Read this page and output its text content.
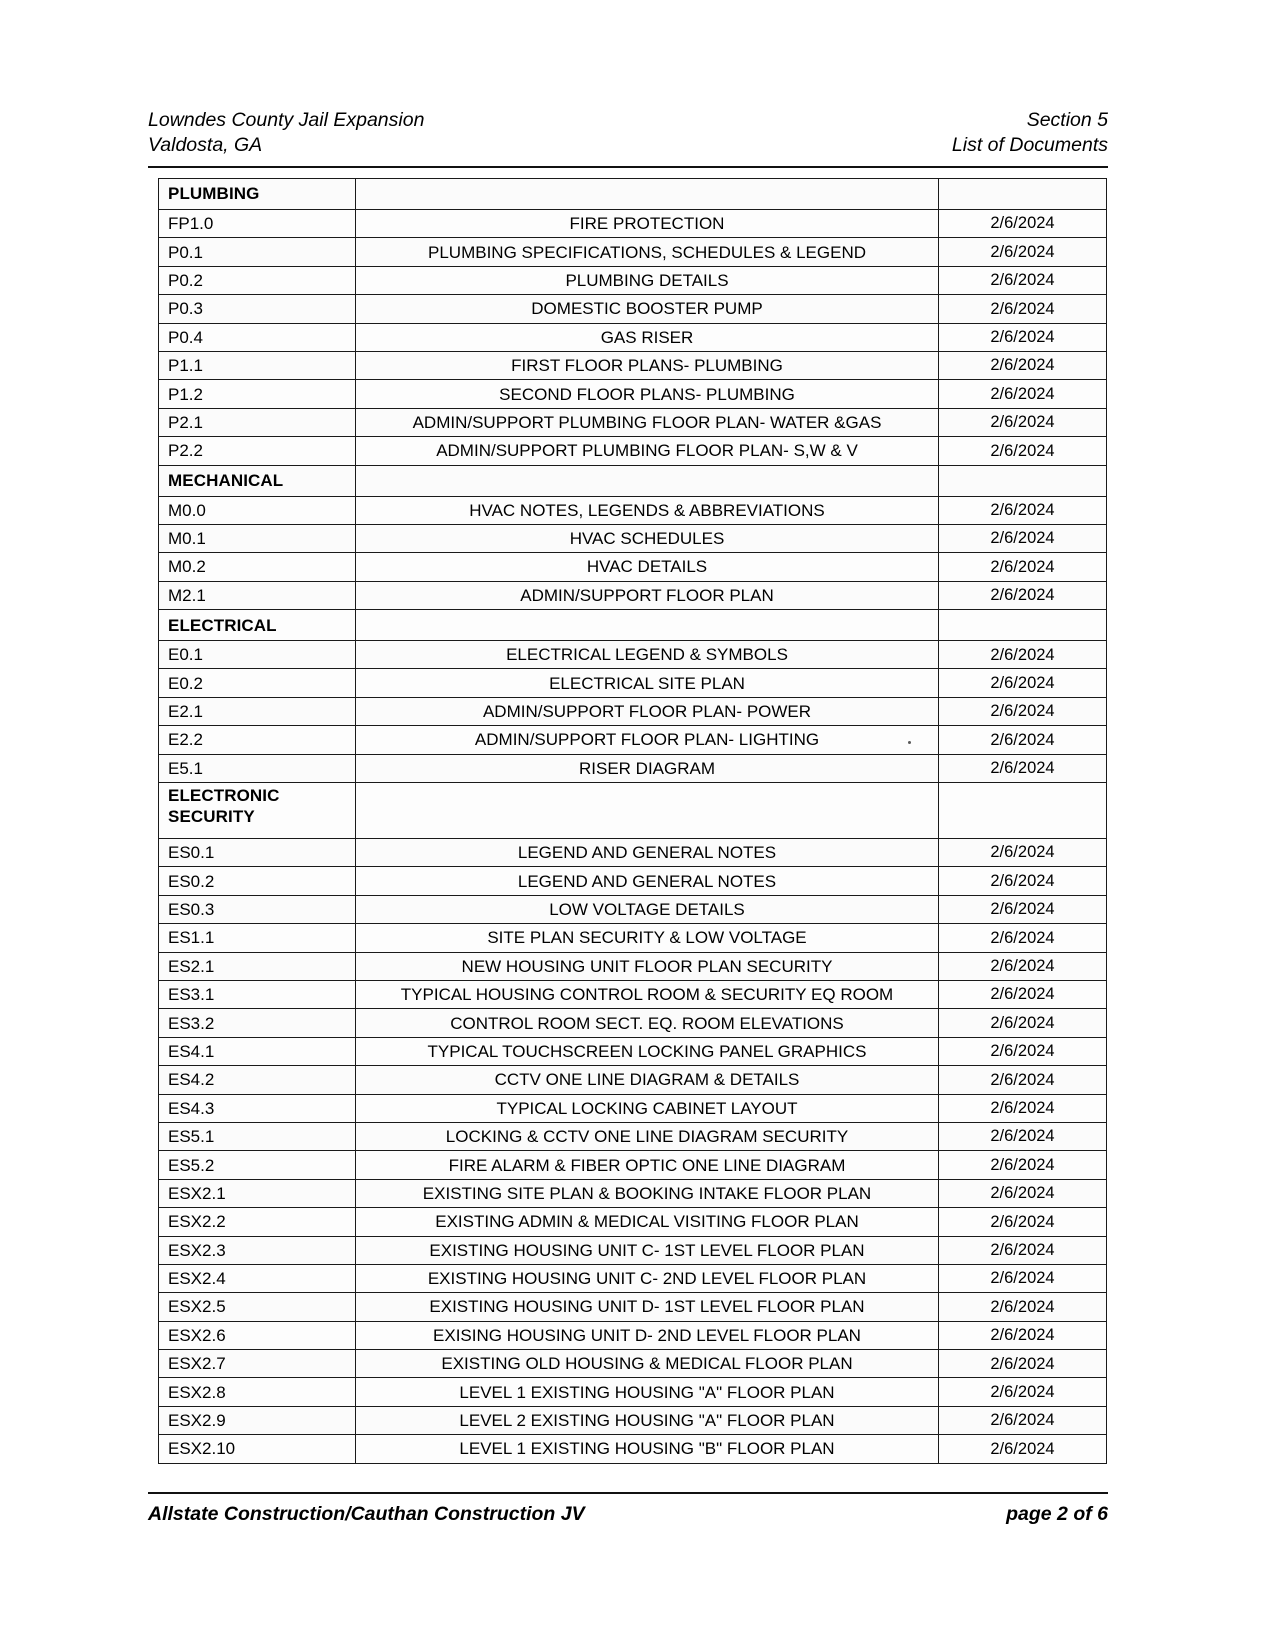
Lowndes County Jail Expansion
Valdosta, GA
Section 5
List of Documents
PLUMBING		
FP1.0	FIRE PROTECTION	2/6/2024
P0.1	PLUMBING SPECIFICATIONS, SCHEDULES & LEGEND	2/6/2024
P0.2	PLUMBING DETAILS	2/6/2024
P0.3	DOMESTIC BOOSTER PUMP	2/6/2024
P0.4	GAS RISER	2/6/2024
P1.1	FIRST FLOOR PLANS- PLUMBING	2/6/2024
P1.2	SECOND FLOOR PLANS- PLUMBING	2/6/2024
P2.1	ADMIN/SUPPORT PLUMBING FLOOR PLAN- WATER &GAS	2/6/2024
P2.2	ADMIN/SUPPORT PLUMBING FLOOR PLAN- S,W & V	2/6/2024
MECHANICAL		
M0.0	HVAC NOTES, LEGENDS & ABBREVIATIONS	2/6/2024
M0.1	HVAC SCHEDULES	2/6/2024
M0.2	HVAC DETAILS	2/6/2024
M2.1	ADMIN/SUPPORT FLOOR PLAN	2/6/2024
ELECTRICAL		
E0.1	ELECTRICAL LEGEND & SYMBOLS	2/6/2024
E0.2	ELECTRICAL SITE PLAN	2/6/2024
E2.1	ADMIN/SUPPORT FLOOR PLAN- POWER	2/6/2024
E2.2	ADMIN/SUPPORT FLOOR PLAN- LIGHTING	2/6/2024
E5.1	RISER DIAGRAM	2/6/2024
ELECTRONIC SECURITY		
ES0.1	LEGEND AND GENERAL NOTES	2/6/2024
ES0.2	LEGEND AND GENERAL NOTES	2/6/2024
ES0.3	LOW VOLTAGE DETAILS	2/6/2024
ES1.1	SITE PLAN SECURITY & LOW VOLTAGE	2/6/2024
ES2.1	NEW HOUSING UNIT FLOOR PLAN SECURITY	2/6/2024
ES3.1	TYPICAL HOUSING CONTROL ROOM & SECURITY EQ ROOM	2/6/2024
ES3.2	CONTROL ROOM SECT. EQ. ROOM ELEVATIONS	2/6/2024
ES4.1	TYPICAL TOUCHSCREEN LOCKING PANEL GRAPHICS	2/6/2024
ES4.2	CCTV ONE LINE DIAGRAM & DETAILS	2/6/2024
ES4.3	TYPICAL LOCKING CABINET LAYOUT	2/6/2024
ES5.1	LOCKING & CCTV ONE LINE DIAGRAM SECURITY	2/6/2024
ES5.2	FIRE ALARM & FIBER OPTIC ONE LINE DIAGRAM	2/6/2024
ESX2.1	EXISTING SITE PLAN & BOOKING INTAKE FLOOR PLAN	2/6/2024
ESX2.2	EXISTING ADMIN & MEDICAL VISITING FLOOR PLAN	2/6/2024
ESX2.3	EXISTING HOUSING UNIT C- 1ST LEVEL FLOOR PLAN	2/6/2024
ESX2.4	EXISTING HOUSING UNIT C- 2ND LEVEL FLOOR PLAN	2/6/2024
ESX2.5	EXISTING HOUSING UNIT D- 1ST LEVEL FLOOR PLAN	2/6/2024
ESX2.6	EXISING HOUSING UNIT D- 2ND LEVEL FLOOR PLAN	2/6/2024
ESX2.7	EXISTING OLD HOUSING & MEDICAL FLOOR PLAN	2/6/2024
ESX2.8	LEVEL 1 EXISTING HOUSING "A" FLOOR PLAN	2/6/2024
ESX2.9	LEVEL 2 EXISTING HOUSING "A" FLOOR PLAN	2/6/2024
ESX2.10	LEVEL 1 EXISTING HOUSING "B" FLOOR PLAN	2/6/2024
Allstate Construction/Cauthan Construction JV	page 2 of 6
